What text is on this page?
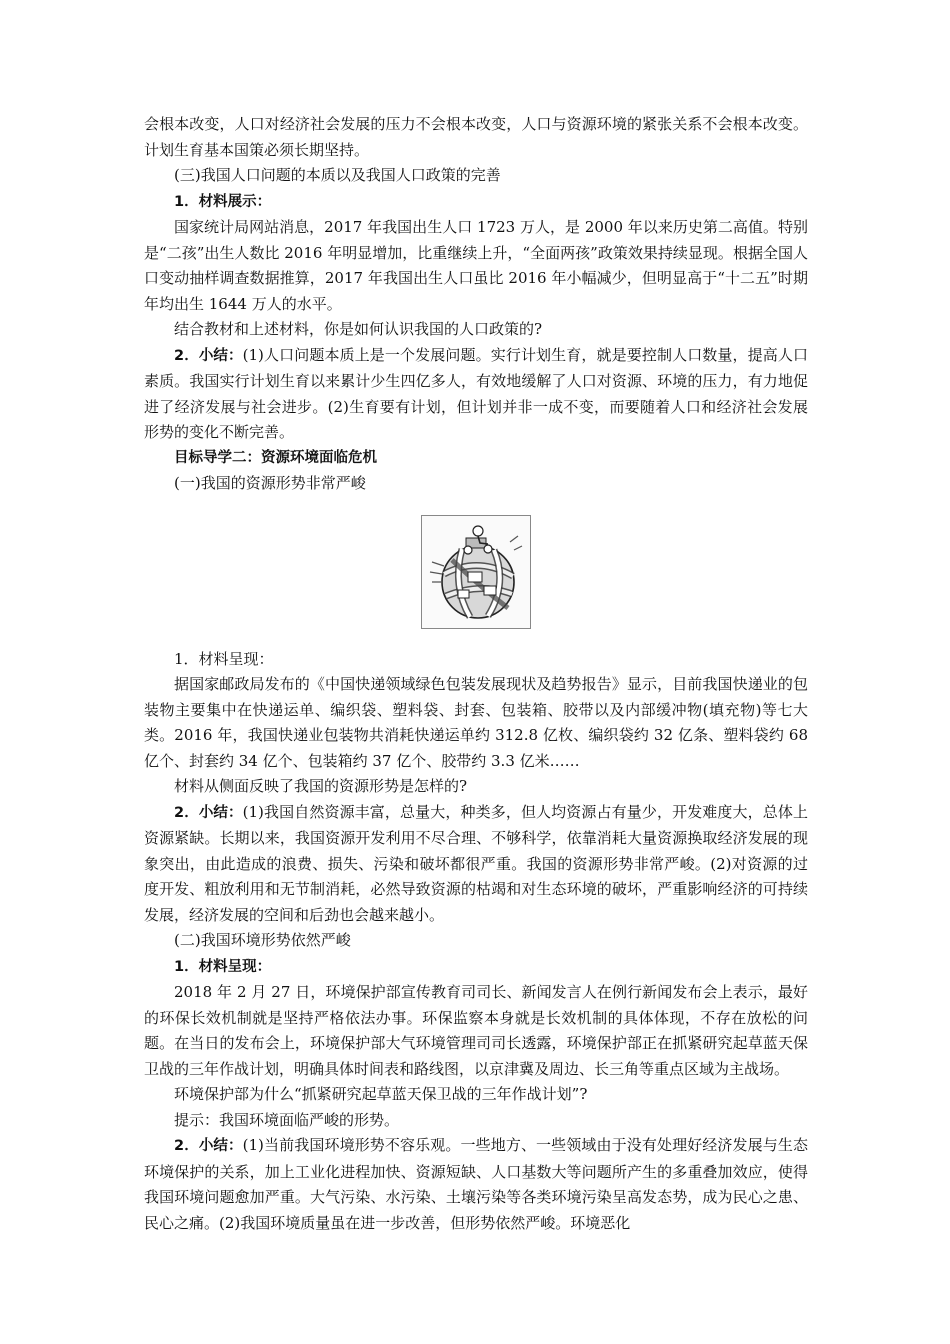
会根本改变，人口对经济社会发展的压力不会根本改变，人口与资源环境的紧张关系不会根本改变。计划生育基本国策必须长期坚持。

(三)我国人口问题的本质以及我国人口政策的完善

1．材料展示：

国家统计局网站消息，2017 年我国出生人口 1723 万人，是 2000 年以来历史第二高值。特别是“二孩”出生人数比 2016 年明显增加，比重继续上升，“全面两孩”政策效果持续显现。根据全国人口变动抽样调查数据推算，2017 年我国出生人口虽比 2016 年小幅减少，但明显高于“十二五”时期年均出生 1644 万人的水平。

结合教材和上述材料，你是如何认识我国的人口政策的?

2．小结：(1)人口问题本质上是一个发展问题。实行计划生育，就是要控制人口数量，提高人口素质。我国实行计划生育以来累计少生四亿多人，有效地缓解了人口对资源、环境的压力，有力地促进了经济发展与社会进步。(2)生育要有计划，但计划并非一成不变，而要随着人口和经济社会发展形势的变化不断完善。

目标导学二：资源环境面临危机

(一)我国的资源形势非常严峻

1．材料呈现：

据国家邮政局发布的《中国快递领域绿色包装发展现状及趋势报告》显示，目前我国快递业的包装物主要集中在快递运单、编织袋、塑料袋、封套、包装箱、胶带以及内部缓冲物(填充物)等七大类。2016 年，我国快递业包装物共消耗快递运单约 312.8 亿枚、编织袋约 32 亿条、塑料袋约 68 亿个、封套约 34 亿个、包装箱约 37 亿个、胶带约 3.3 亿米……

材料从侧面反映了我国的资源形势是怎样的?

2．小结：(1)我国自然资源丰富，总量大，种类多，但人均资源占有量少，开发难度大，总体上资源紧缺。长期以来，我国资源开发利用不尽合理、不够科学，依靠消耗大量资源换取经济发展的现象突出，由此造成的浪费、损失、污染和破坏都很严重。我国的资源形势非常严峻。(2)对资源的过度开发、粗放利用和无节制消耗，必然导致资源的枯竭和对生态环境的破坏，严重影响经济的可持续发展，经济发展的空间和后劲也会越来越小。

(二)我国环境形势依然严峻

1．材料呈现：

2018 年 2 月 27 日，环境保护部宣传教育司司长、新闻发言人在例行新闻发布会上表示，最好的环保长效机制就是坚持严格依法办事。环保监察本身就是长效机制的具体体现，不存在放松的问题。在当日的发布会上，环境保护部大气环境管理司司长透露，环境保护部正在抓紧研究起草蓝天保卫战的三年作战计划，明确具体时间表和路线图，以京津冀及周边、长三角等重点区域为主战场。

环境保护部为什么“抓紧研究起草蓝天保卫战的三年作战计划”?

提示：我国环境面临严峻的形势。

2．小结：(1)当前我国环境形势不容乐观。一些地方、一些领域由于没有处理好经济发展与生态环境保护的关系，加上工业化进程加快、资源短缺、人口基数大等问题所产生的多重叠加效应，使得我国环境问题愈加严重。大气污染、水污染、土壤污染等各类环境污染呈高发态势，成为民心之患、民心之痛。(2)我国环境质量虽在进一步改善，但形势依然严峻。环境恶化
